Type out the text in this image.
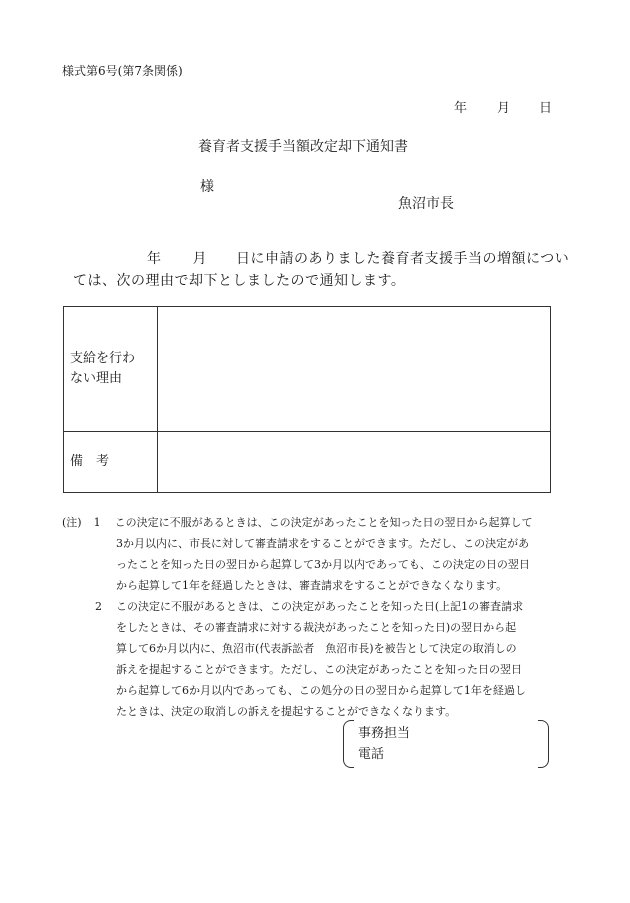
様式第6号(第7条関係)
年 月 日
養育者支援手当額改定却下通知書
様
魚沼市長
年 月 日に申請のありました養育者支援手当の増額につい
ては、次の理由で却下としましたので通知します。
支給を行わ
ない理由	

備　考	
(注) 1 この決定に不服があるときは、この決定があったことを知った日の翌日から起算して
3か月以内に、市長に対して審査請求をすることができます。ただし、この決定があ
ったことを知った日の翌日から起算して3か月以内であっても、この決定の日の翌日
から起算して1年を経過したときは、審査請求をすることができなくなります。
2 この決定に不服があるときは、この決定があったことを知った日(上記1の審査請求
をしたときは、その審査請求に対する裁決があったことを知った日)の翌日から起
算して6か月以内に、魚沼市(代表訴訟者　魚沼市長)を被告として決定の取消しの
訴えを提起することができます。ただし、この決定があったことを知った日の翌日
から起算して6か月以内であっても、この処分の日の翌日から起算して1年を経過し
たときは、決定の取消しの訴えを提起することができなくなります。
事務担当
電話
